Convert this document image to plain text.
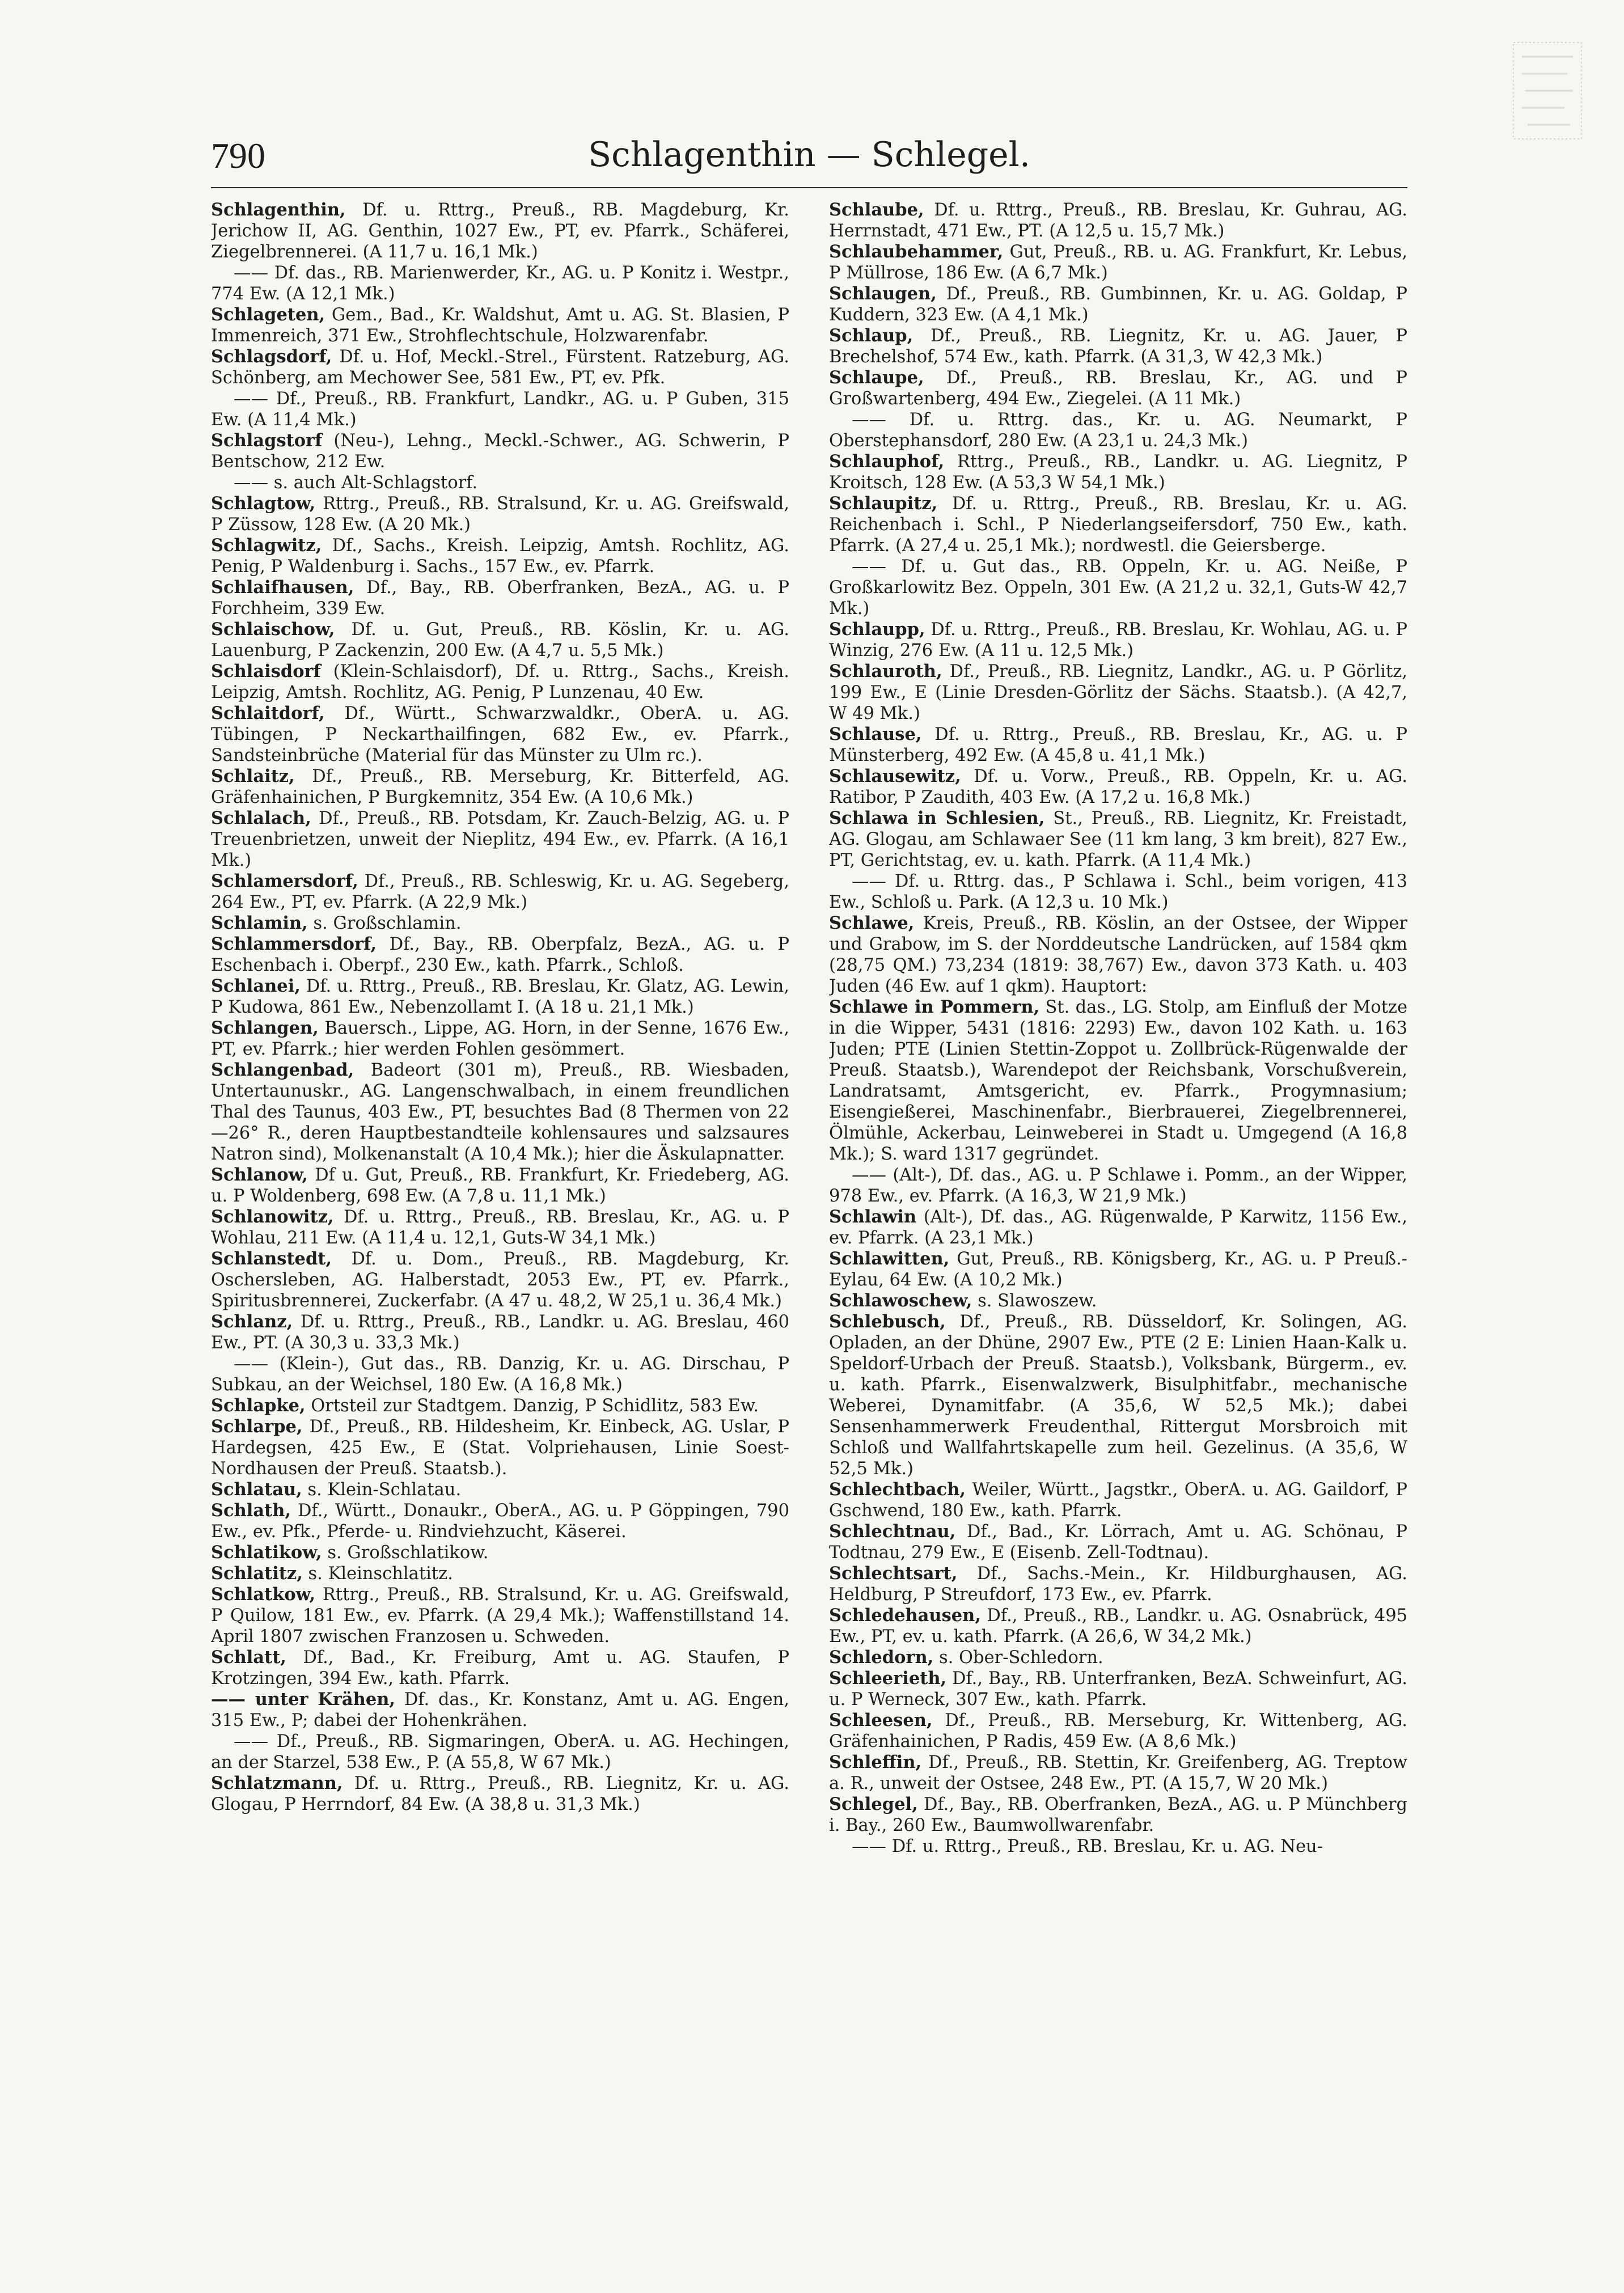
790	Schlagenthin — Schlegel.

Schlagenthin, Df. u. Rttrg., Preuß., RB. Magdeburg, Kr. Jerichow II, AG. Genthin, 1027 Ew., PT, ev. Pfarrk., Schäferei, Ziegelbrennerei. (A 11,7 u. 16,1 Mk.)

—— Df. das., RB. Marienwerder, Kr., AG. u. P Konitz i. Westpr., 774 Ew. (A 12,1 Mk.)

Schlageten, Gem., Bad., Kr. Waldshut, Amt u. AG. St. Blasien, P Immenreich, 371 Ew., Strohflechtschule, Holzwarenfabr.

Schlagsdorf, Df. u. Hof, Meckl.-Strel., Fürstent. Ratzeburg, AG. Schönberg, am Mechower See, 581 Ew., PT, ev. Pfk.

—— Df., Preuß., RB. Frankfurt, Landkr., AG. u. P Guben, 315 Ew. (A 11,4 Mk.)

Schlagstorf (Neu-), Lehng., Meckl.-Schwer., AG. Schwerin, P Bentschow, 212 Ew.

—— s. auch Alt-Schlagstorf.

Schlagtow, Rttrg., Preuß., RB. Stralsund, Kr. u. AG. Greifswald, P Züssow, 128 Ew. (A 20 Mk.)

Schlagwitz, Df., Sachs., Kreish. Leipzig, Amtsh. Rochlitz, AG. Penig, P Waldenburg i. Sachs., 157 Ew., ev. Pfarrk.

Schlaifhausen, Df., Bay., RB. Oberfranken, BezA., AG. u. P Forchheim, 339 Ew.

Schlaischow, Df. u. Gut, Preuß., RB. Köslin, Kr. u. AG. Lauenburg, P Zackenzin, 200 Ew. (A 4,7 u. 5,5 Mk.)

Schlaisdorf (Klein-Schlaisdorf), Df. u. Rttrg., Sachs., Kreish. Leipzig, Amtsh. Rochlitz, AG. Penig, P Lunzenau, 40 Ew.

Schlaitdorf, Df., Württ., Schwarzwaldkr., OberA. u. AG. Tübingen, P Neckarthailfingen, 682 Ew., ev. Pfarrk., Sandsteinbrüche (Material für das Münster zu Ulm rc.).

Schlaitz, Df., Preuß., RB. Merseburg, Kr. Bitterfeld, AG. Gräfenhainichen, P Burgkemnitz, 354 Ew. (A 10,6 Mk.)

Schlalach, Df., Preuß., RB. Potsdam, Kr. Zauch-Belzig, AG. u. P Treuenbrietzen, unweit der Nieplitz, 494 Ew., ev. Pfarrk. (A 16,1 Mk.)

Schlamersdorf, Df., Preuß., RB. Schleswig, Kr. u. AG. Segeberg, 264 Ew., PT, ev. Pfarrk. (A 22,9 Mk.)

Schlamin, s. Großschlamin.

Schlammersdorf, Df., Bay., RB. Oberpfalz, BezA., AG. u. P Eschenbach i. Oberpf., 230 Ew., kath. Pfarrk., Schloß.

Schlanei, Df. u. Rttrg., Preuß., RB. Breslau, Kr. Glatz, AG. Lewin, P Kudowa, 861 Ew., Nebenzollamt I. (A 18 u. 21,1 Mk.)

Schlangen, Bauersch., Lippe, AG. Horn, in der Senne, 1676 Ew., PT, ev. Pfarrk.; hier werden Fohlen gesömmert.

Schlangenbad, Badeort (301 m), Preuß., RB. Wiesbaden, Untertaunuskr., AG. Langenschwalbach, in einem freundlichen Thal des Taunus, 403 Ew., PT, besuchtes Bad (8 Thermen von 22—26° R., deren Hauptbestandteile kohlensaures und salzsaures Natron sind), Molkenanstalt (A 10,4 Mk.); hier die Äskulapnatter.

Schlanow, Df u. Gut, Preuß., RB. Frankfurt, Kr. Friedeberg, AG. u. P Woldenberg, 698 Ew. (A 7,8 u. 11,1 Mk.)

Schlanowitz, Df. u. Rttrg., Preuß., RB. Breslau, Kr., AG. u. P Wohlau, 211 Ew. (A 11,4 u. 12,1, Guts-W 34,1 Mk.)

Schlanstedt, Df. u. Dom., Preuß., RB. Magdeburg, Kr. Oschersleben, AG. Halberstadt, 2053 Ew., PT, ev. Pfarrk., Spiritusbrennerei, Zuckerfabr. (A 47 u. 48,2, W 25,1 u. 36,4 Mk.)

Schlanz, Df. u. Rttrg., Preuß., RB., Landkr. u. AG. Breslau, 460 Ew., PT. (A 30,3 u. 33,3 Mk.)

—— (Klein-), Gut das., RB. Danzig, Kr. u. AG. Dirschau, P Subkau, an der Weichsel, 180 Ew. (A 16,8 Mk.)

Schlapke, Ortsteil zur Stadtgem. Danzig, P Schidlitz, 583 Ew.

Schlarpe, Df., Preuß., RB. Hildesheim, Kr. Einbeck, AG. Uslar, P Hardegsen, 425 Ew., E (Stat. Volpriehausen, Linie Soest-Nordhausen der Preuß. Staatsb.).

Schlatau, s. Klein-Schlatau.

Schlath, Df., Württ., Donaukr., OberA., AG. u. P Göppingen, 790 Ew., ev. Pfk., Pferde- u. Rindviehzucht, Käserei.

Schlatikow, s. Großschlatikow.

Schlatitz, s. Kleinschlatitz.

Schlatkow, Rttrg., Preuß., RB. Stralsund, Kr. u. AG. Greifswald, P Quilow, 181 Ew., ev. Pfarrk. (A 29,4 Mk.); Waffenstillstand 14. April 1807 zwischen Franzosen u. Schweden.

Schlatt, Df., Bad., Kr. Freiburg, Amt u. AG. Staufen, P Krotzingen, 394 Ew., kath. Pfarrk.

—— unter Krähen, Df. das., Kr. Konstanz, Amt u. AG. Engen, 315 Ew., P; dabei der Hohenkrähen.

—— Df., Preuß., RB. Sigmaringen, OberA. u. AG. Hechingen, an der Starzel, 538 Ew., P. (A 55,8, W 67 Mk.)

Schlatzmann, Df. u. Rttrg., Preuß., RB. Liegnitz, Kr. u. AG. Glogau, P Herrndorf, 84 Ew. (A 38,8 u. 31,3 Mk.)

Schlaube, Df. u. Rttrg., Preuß., RB. Breslau, Kr. Guhrau, AG. Herrnstadt, 471 Ew., PT. (A 12,5 u. 15,7 Mk.)

Schlaubehammer, Gut, Preuß., RB. u. AG. Frankfurt, Kr. Lebus, P Müllrose, 186 Ew. (A 6,7 Mk.)

Schlaugen, Df., Preuß., RB. Gumbinnen, Kr. u. AG. Goldap, P Kuddern, 323 Ew. (A 4,1 Mk.)

Schlaup, Df., Preuß., RB. Liegnitz, Kr. u. AG. Jauer, P Brechelshof, 574 Ew., kath. Pfarrk. (A 31,3, W 42,3 Mk.)

Schlaupe, Df., Preuß., RB. Breslau, Kr., AG. und P Großwartenberg, 494 Ew., Ziegelei. (A 11 Mk.)

—— Df. u. Rttrg. das., Kr. u. AG. Neumarkt, P Oberstephansdorf, 280 Ew. (A 23,1 u. 24,3 Mk.)

Schlauphof, Rttrg., Preuß., RB., Landkr. u. AG. Liegnitz, P Kroitsch, 128 Ew. (A 53,3 W 54,1 Mk.)

Schlaupitz, Df. u. Rttrg., Preuß., RB. Breslau, Kr. u. AG. Reichenbach i. Schl., P Niederlangseifersdorf, 750 Ew., kath. Pfarrk. (A 27,4 u. 25,1 Mk.); nordwestl. die Geiersberge.

—— Df. u. Gut das., RB. Oppeln, Kr. u. AG. Neiße, P Großkarlowitz Bez. Oppeln, 301 Ew. (A 21,2 u. 32,1, Guts-W 42,7 Mk.)

Schlaupp, Df. u. Rttrg., Preuß., RB. Breslau, Kr. Wohlau, AG. u. P Winzig, 276 Ew. (A 11 u. 12,5 Mk.)

Schlauroth, Df., Preuß., RB. Liegnitz, Landkr., AG. u. P Görlitz, 199 Ew., E (Linie Dresden-Görlitz der Sächs. Staatsb.). (A 42,7, W 49 Mk.)

Schlause, Df. u. Rttrg., Preuß., RB. Breslau, Kr., AG. u. P Münsterberg, 492 Ew. (A 45,8 u. 41,1 Mk.)

Schlausewitz, Df. u. Vorw., Preuß., RB. Oppeln, Kr. u. AG. Ratibor, P Zaudith, 403 Ew. (A 17,2 u. 16,8 Mk.)

Schlawa in Schlesien, St., Preuß., RB. Liegnitz, Kr. Freistadt, AG. Glogau, am Schlawaer See (11 km lang, 3 km breit), 827 Ew., PT, Gerichtstag, ev. u. kath. Pfarrk. (A 11,4 Mk.)

—— Df. u. Rttrg. das., P Schlawa i. Schl., beim vorigen, 413 Ew., Schloß u. Park. (A 12,3 u. 10 Mk.)

Schlawe, Kreis, Preuß., RB. Köslin, an der Ostsee, der Wipper und Grabow, im S. der Norddeutsche Landrücken, auf 1584 qkm (28,75 QM.) 73,234 (1819: 38,767) Ew., davon 373 Kath. u. 403 Juden (46 Ew. auf 1 qkm). Hauptort:

Schlawe in Pommern, St. das., LG. Stolp, am Einfluß der Motze in die Wipper, 5431 (1816: 2293) Ew., davon 102 Kath. u. 163 Juden; PTE (Linien Stettin-Zoppot u. Zollbrück-Rügenwalde der Preuß. Staatsb.), Warendepot der Reichsbank, Vorschußverein, Landratsamt, Amtsgericht, ev. Pfarrk., Progymnasium; Eisengießerei, Maschinenfabr., Bierbrauerei, Ziegelbrennerei, Ölmühle, Ackerbau, Leinweberei in Stadt u. Umgegend (A 16,8 Mk.); S. ward 1317 gegründet.

—— (Alt-), Df. das., AG. u. P Schlawe i. Pomm., an der Wipper, 978 Ew., ev. Pfarrk. (A 16,3, W 21,9 Mk.)

Schlawin (Alt-), Df. das., AG. Rügenwalde, P Karwitz, 1156 Ew., ev. Pfarrk. (A 23,1 Mk.)

Schlawitten, Gut, Preuß., RB. Königsberg, Kr., AG. u. P Preuß.-Eylau, 64 Ew. (A 10,2 Mk.)

Schlawoschew, s. Slawoszew.

Schlebusch, Df., Preuß., RB. Düsseldorf, Kr. Solingen, AG. Opladen, an der Dhüne, 2907 Ew., PTE (2 E: Linien Haan-Kalk u. Speldorf-Urbach der Preuß. Staatsb.), Volksbank, Bürgerm., ev. u. kath. Pfarrk., Eisenwalzwerk, Bisulphitfabr., mechanische Weberei, Dynamitfabr. (A 35,6, W 52,5 Mk.); dabei Sensenhammerwerk Freudenthal, Rittergut Morsbroich mit Schloß und Wallfahrtskapelle zum heil. Gezelinus. (A 35,6, W 52,5 Mk.)

Schlechtbach, Weiler, Württ., Jagstkr., OberA. u. AG. Gaildorf, P Gschwend, 180 Ew., kath. Pfarrk.

Schlechtnau, Df., Bad., Kr. Lörrach, Amt u. AG. Schönau, P Todtnau, 279 Ew., E (Eisenb. Zell-Todtnau).

Schlechtsart, Df., Sachs.-Mein., Kr. Hildburghausen, AG. Heldburg, P Streufdorf, 173 Ew., ev. Pfarrk.

Schledehausen, Df., Preuß., RB., Landkr. u. AG. Osnabrück, 495 Ew., PT, ev. u. kath. Pfarrk. (A 26,6, W 34,2 Mk.)

Schledorn, s. Ober-Schledorn.

Schleerieth, Df., Bay., RB. Unterfranken, BezA. Schweinfurt, AG. u. P Werneck, 307 Ew., kath. Pfarrk.

Schleesen, Df., Preuß., RB. Merseburg, Kr. Wittenberg, AG. Gräfenhainichen, P Radis, 459 Ew. (A 8,6 Mk.)

Schleffin, Df., Preuß., RB. Stettin, Kr. Greifenberg, AG. Treptow a. R., unweit der Ostsee, 248 Ew., PT. (A 15,7, W 20 Mk.)

Schlegel, Df., Bay., RB. Oberfranken, BezA., AG. u. P Münchberg i. Bay., 260 Ew., Baumwollwarenfabr.

—— Df. u. Rttrg., Preuß., RB. Breslau, Kr. u. AG. Neu-
